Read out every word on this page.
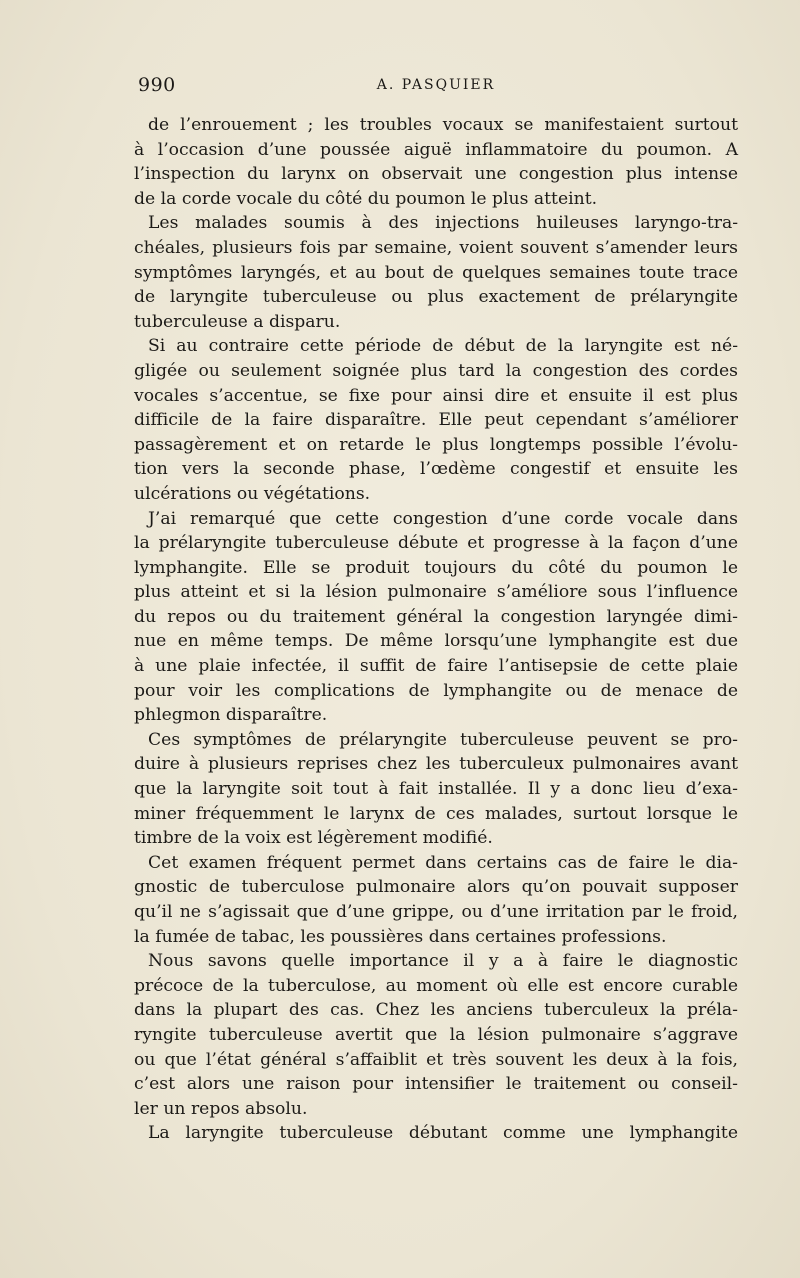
990	A. PASQUIER
de l’enrouement ; les troubles vocaux se manifestaient surtout
à l’occasion d’une poussée aiguë inflammatoire du poumon. A
l’inspection du larynx on observait une congestion plus intense
de la corde vocale du côté du poumon le plus atteint.
Les malades soumis à des injections huileuses laryngo-tra-
chéales, plusieurs fois par semaine, voient souvent s’amender leurs
symptômes laryngés, et au bout de quelques semaines toute trace
de laryngite tuberculeuse ou plus exactement de prélaryngite
tuberculeuse a disparu.
Si au contraire cette période de début de la laryngite est né-
gligée ou seulement soignée plus tard la congestion des cordes
vocales s’accentue, se fixe pour ainsi dire et ensuite il est plus
difficile de la faire disparaître. Elle peut cependant s’améliorer
passagèrement et on retarde le plus longtemps possible l’évolu-
tion vers la seconde phase, l’œdème congestif et ensuite les
ulcérations ou végétations.
J’ai remarqué que cette congestion d’une corde vocale dans
la prélaryngite tuberculeuse débute et progresse à la façon d’une
lymphangite. Elle se produit toujours du côté du poumon le
plus atteint et si la lésion pulmonaire s’améliore sous l’influence
du repos ou du traitement général la congestion laryngée dimi-
nue en même temps. De même lorsqu’une lymphangite est due
à une plaie infectée, il suffit de faire l’antisepsie de cette plaie
pour voir les complications de lymphangite ou de menace de
phlegmon disparaître.
Ces symptômes de prélaryngite tuberculeuse peuvent se pro-
duire à plusieurs reprises chez les tuberculeux pulmonaires avant
que la laryngite soit tout à fait installée. Il y a donc lieu d’exa-
miner fréquemment le larynx de ces malades, surtout lorsque le
timbre de la voix est légèrement modifié.
Cet examen fréquent permet dans certains cas de faire le dia-
gnostic de tuberculose pulmonaire alors qu’on pouvait supposer
qu’il ne s’agissait que d’une grippe, ou d’une irritation par le froid,
la fumée de tabac, les poussières dans certaines professions.
Nous savons quelle importance il y a à faire le diagnostic
précoce de la tuberculose, au moment où elle est encore curable
dans la plupart des cas. Chez les anciens tuberculeux la préla-
ryngite tuberculeuse avertit que la lésion pulmonaire s’aggrave
ou que l’état général s’affaiblit et très souvent les deux à la fois,
c’est alors une raison pour intensifier le traitement ou conseil-
ler un repos absolu.
La laryngite tuberculeuse débutant comme une lymphangite
